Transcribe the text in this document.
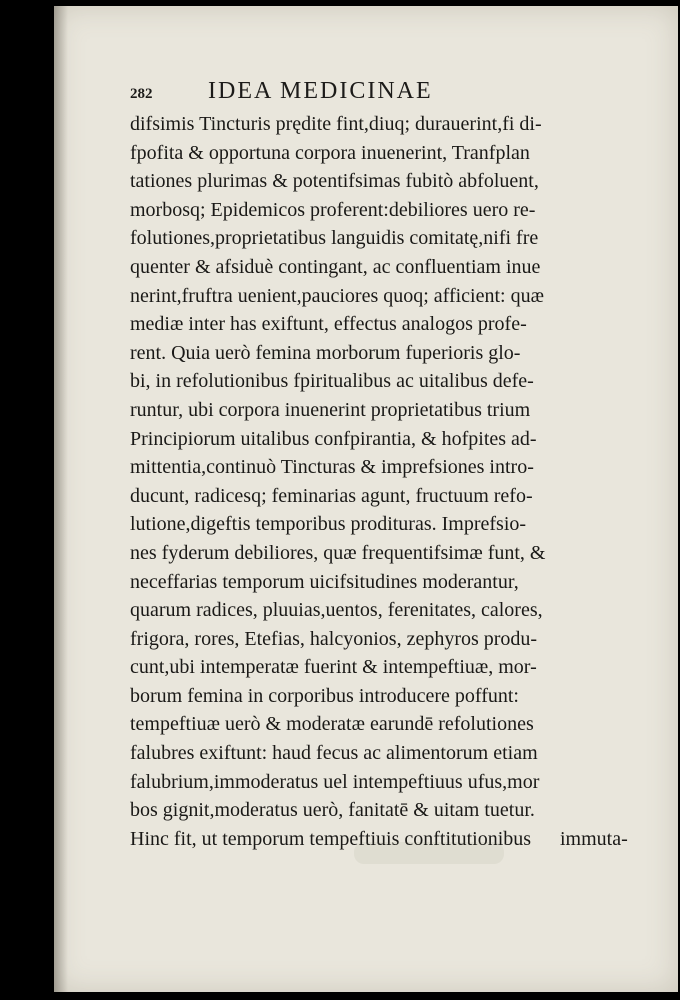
282 IDEA MEDICINAE
difsimis Tincturis prędite fint,diuq; durauerint,fi di-
fpofita & opportuna corpora inuenerint, Tranfplan
tationes plurimas & potentifsimas fubitò abfoluent,
morbosq; Epidemicos proferent:debiliores uero re-
folutiones,proprietatibus languidis comitatę,nifi fre
quenter & afsiduè contingant, ac confluentiam inue
nerint,fruftra uenient,pauciores quoq; afficient: quæ
mediæ inter has exiftunt, effectus analogos profe-
rent. Quia uerò femina morborum fuperioris glo-
bi, in refolutionibus fpiritualibus ac uitalibus defe-
runtur, ubi corpora inuenerint proprietatibus trium
Principiorum uitalibus confpirantia, & hofpites ad-
mittentia,continuò Tincturas & imprefsiones intro-
ducunt, radicesq; feminarias agunt, fructuum refo-
lutione,digeftis temporibus prodituras. Imprefsio-
nes fyderum debiliores, quæ frequentifsimæ funt, &
neceffarias temporum uicifsitudines moderantur,
quarum radices, pluuias,uentos, ferenitates, calores,
frigora, rores, Etefias, halcyonios, zephyros produ-
cunt,ubi intemperatæ fuerint & intempeftiuæ, mor-
borum femina in corporibus introducere poffunt:
tempeftiuæ uerò & moderatæ earundē refolutiones
falubres exiftunt: haud fecus ac alimentorum etiam
falubrium,immoderatus uel intempeftiuus ufus,mor
bos gignit,moderatus uerò, fanitatē & uitam tuetur.
Hinc fit, ut temporum tempeftiuis conftitutionibus	immuta-
